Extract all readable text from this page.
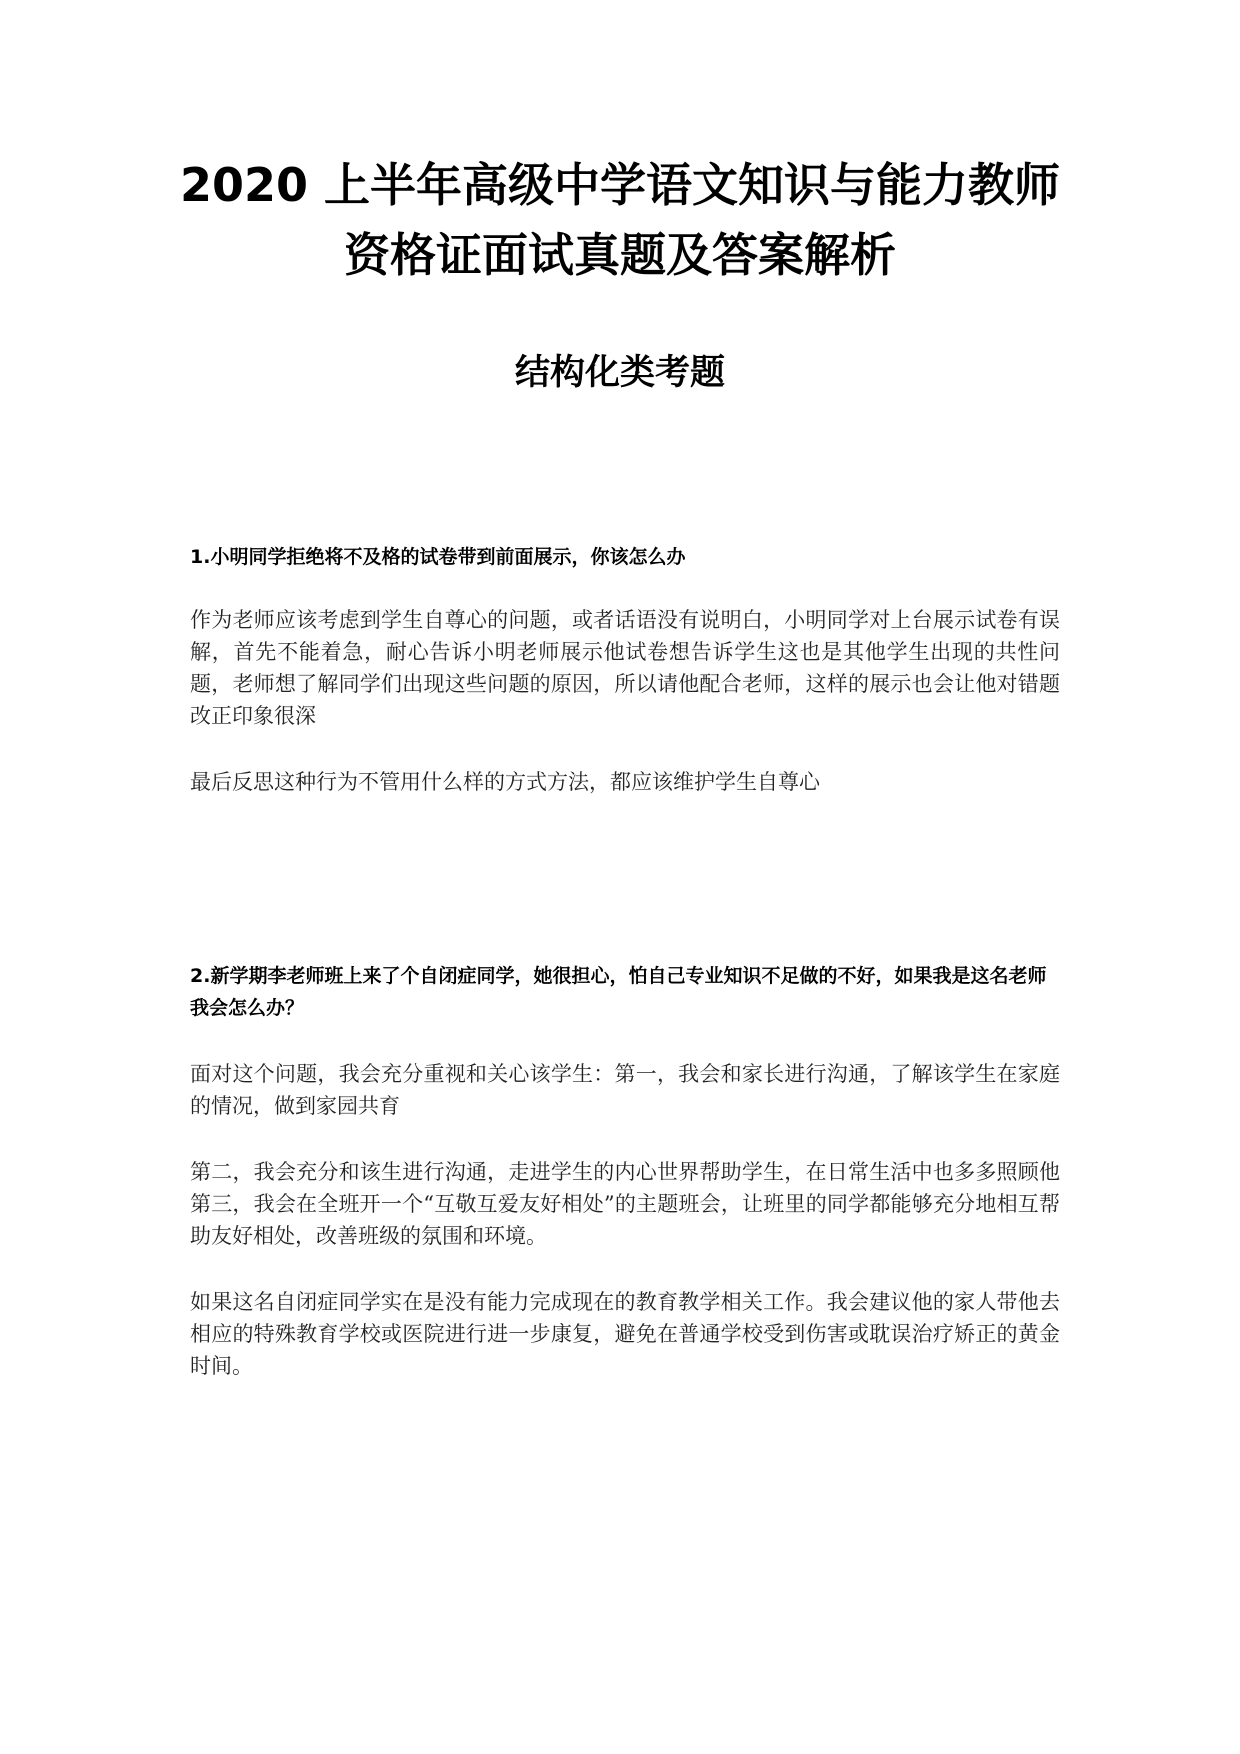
2020 上半年高级中学语文知识与能力教师
资格证面试真题及答案解析
结构化类考题

1.小明同学拒绝将不及格的试卷带到前面展示，你该怎么办

作为老师应该考虑到学生自尊心的问题，或者话语没有说明白，小明同学对上台展示试卷有误解，首先不能着急，耐心告诉小明老师展示他试卷想告诉学生这也是其他学生出现的共性问题，老师想了解同学们出现这些问题的原因，所以请他配合老师，这样的展示也会让他对错题改正印象很深

最后反思这种行为不管用什么样的方式方法，都应该维护学生自尊心

2.新学期李老师班上来了个自闭症同学，她很担心，怕自己专业知识不足做的不好，如果我是这名老师我会怎么办？

面对这个问题，我会充分重视和关心该学生：第一，我会和家长进行沟通，了解该学生在家庭的情况，做到家园共育

第二，我会充分和该生进行沟通，走进学生的内心世界帮助学生，在日常生活中也多多照顾他第三，我会在全班开一个“互敬互爱友好相处”的主题班会，让班里的同学都能够充分地相互帮助友好相处，改善班级的氛围和环境。

如果这名自闭症同学实在是没有能力完成现在的教育教学相关工作。我会建议他的家人带他去相应的特殊教育学校或医院进行进一步康复，避免在普通学校受到伤害或耽误治疗矫正的黄金时间。
